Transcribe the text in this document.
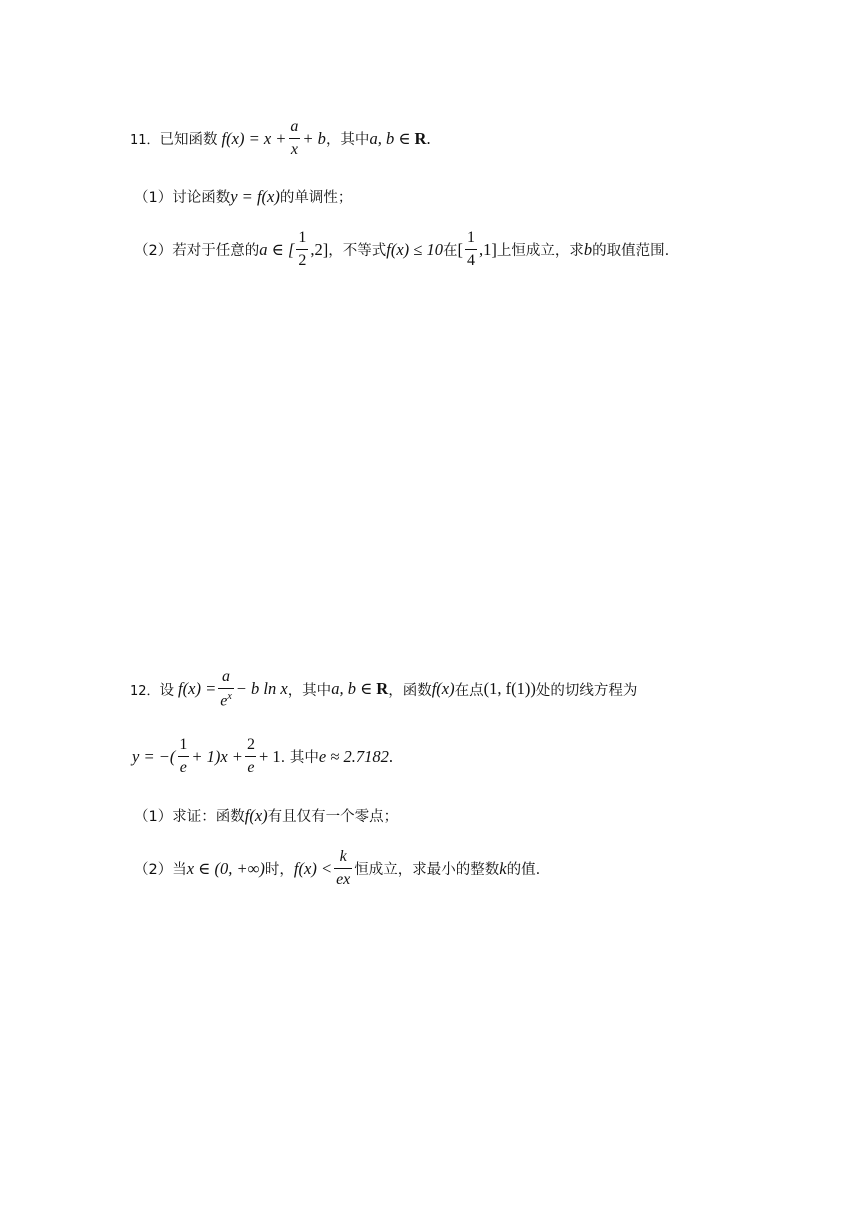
11． 已知函数 $f(x) = x + \frac{a}{x} + b$ ，其中 a, b ∈ R .
（1）讨论函数 y = f(x) 的单调性；
（2）若对于任意的 a ∈ [ $\frac{1}{2} ,2$] ，不等式 f(x) ≤ 10 在 [ $\frac{1}{4} ,1$] 上恒成立，求 b 的取值范围.
12． 设 $f(x) = \frac{a}{e^x} - b$ ln x ，其中 a, b ∈ R ，函数 f(x) 在点 (1, f(1)) 处的切线方程为
y = −( $\frac{1}{e} + 1)x + \frac{2}{e} + 1$ . 其中 e ≈ 2.7182 .
（1）求证：函数 f(x) 有且仅有一个零点；
（2）当 x ∈ (0, +∞) 时， $f(x) < \frac{k}{ex}$ 恒成立，求最小的整数 k 的值.
